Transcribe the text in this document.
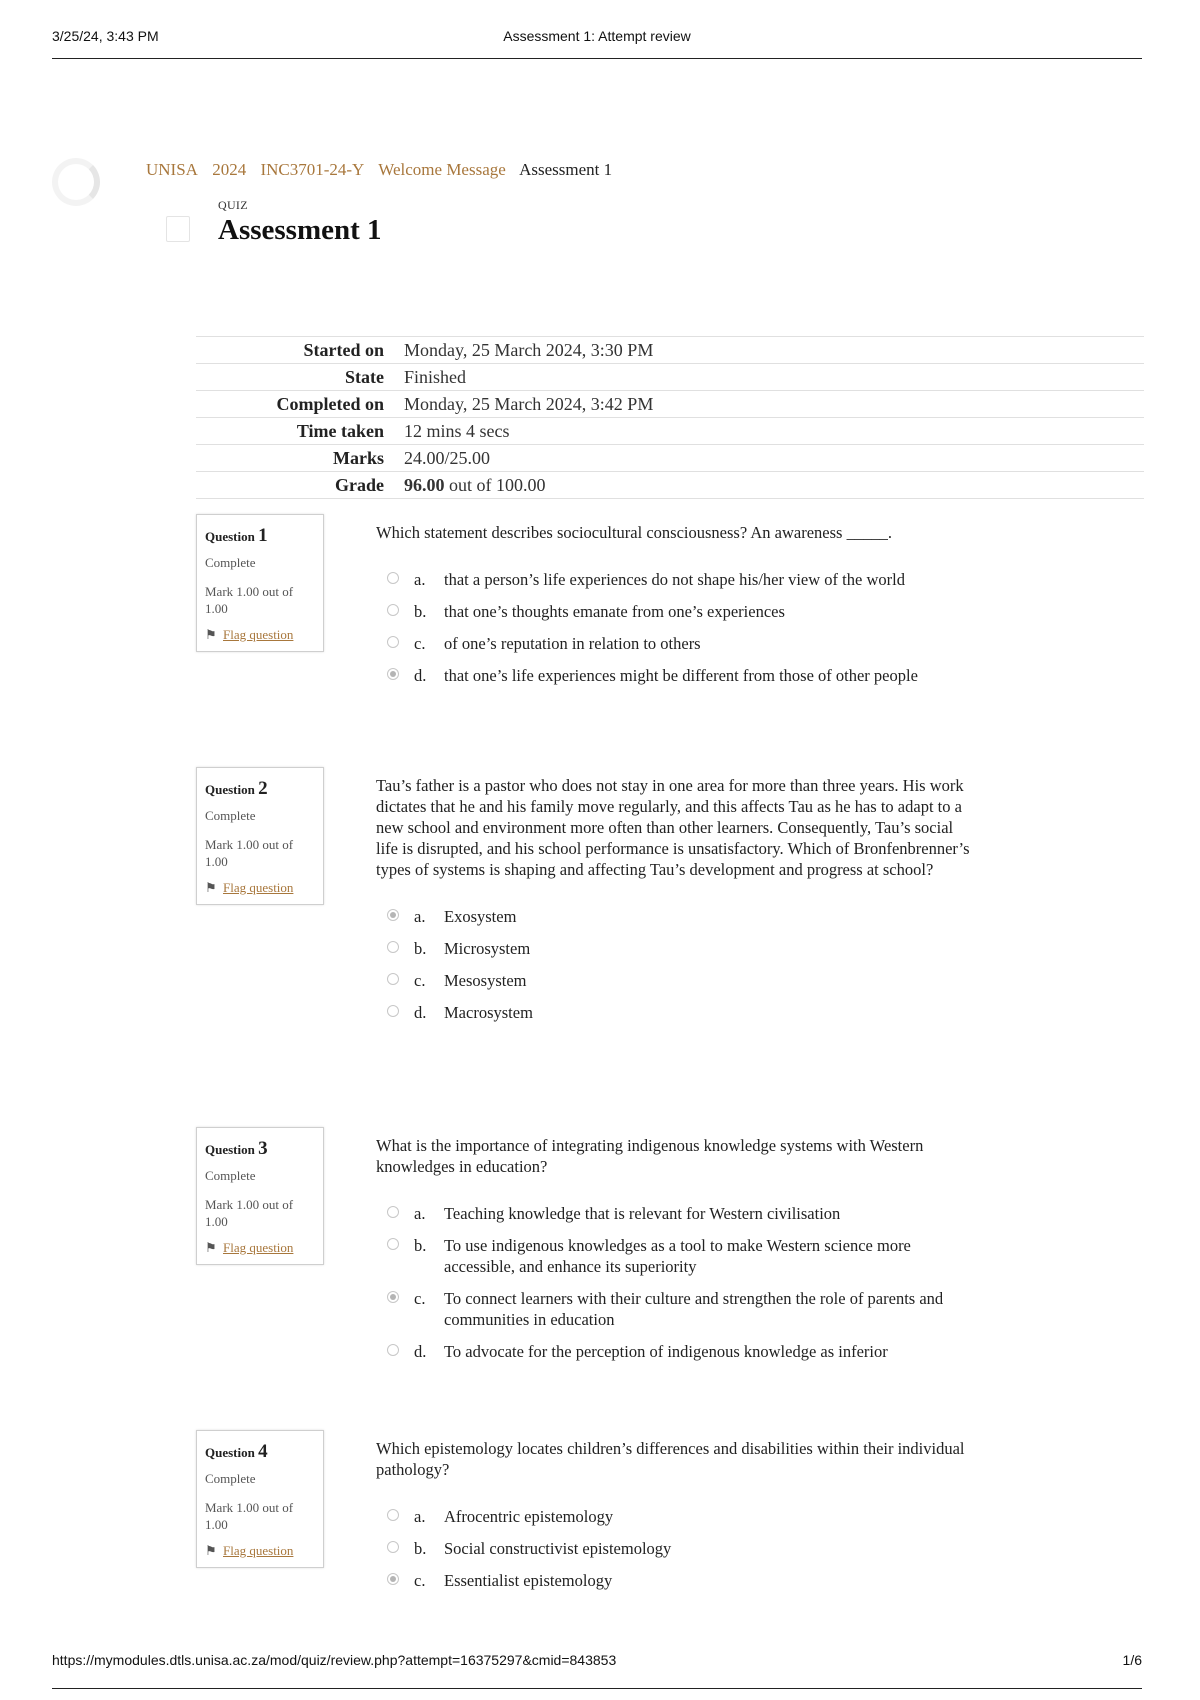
3/25/24, 3:43 PM	Assessment 1: Attempt review
UNISA 2024 INC3701-24-Y Welcome Message Assessment 1
QUIZ
Assessment 1
Started on	Monday, 25 March 2024, 3:30 PM
State	Finished
Completed on	Monday, 25 March 2024, 3:42 PM
Time taken	12 mins 4 secs
Marks	24.00/25.00
Grade	96.00 out of 100.00
Question 1
Complete
Mark 1.00 out of 1.00
⚑ Flag question
Which statement describes sociocultural consciousness? An awareness _____.
a. that a person’s life experiences do not shape his/her view of the world
b. that one’s thoughts emanate from one’s experiences
c. of one’s reputation in relation to others
d. that one’s life experiences might be different from those of other people
Question 2
Complete
Mark 1.00 out of 1.00
⚑ Flag question
Tau’s father is a pastor who does not stay in one area for more than three years. His work dictates that he and his family move regularly, and this affects Tau as he has to adapt to a new school and environment more often than other learners. Consequently, Tau’s social life is disrupted, and his school performance is unsatisfactory. Which of Bronfenbrenner’s types of systems is shaping and affecting Tau’s development and progress at school?
a. Exosystem
b. Microsystem
c. Mesosystem
d. Macrosystem
Question 3
Complete
Mark 1.00 out of 1.00
⚑ Flag question
What is the importance of integrating indigenous knowledge systems with Western knowledges in education?
a. Teaching knowledge that is relevant for Western civilisation
b. To use indigenous knowledges as a tool to make Western science more accessible, and enhance its superiority
c. To connect learners with their culture and strengthen the role of parents and communities in education
d. To advocate for the perception of indigenous knowledge as inferior
Question 4
Complete
Mark 1.00 out of 1.00
⚑ Flag question
Which epistemology locates children’s differences and disabilities within their individual pathology?
a. Afrocentric epistemology
b. Social constructivist epistemology
c. Essentialist epistemology
https://mymodules.dtls.unisa.ac.za/mod/quiz/review.php?attempt=16375297&cmid=843853	1/6
